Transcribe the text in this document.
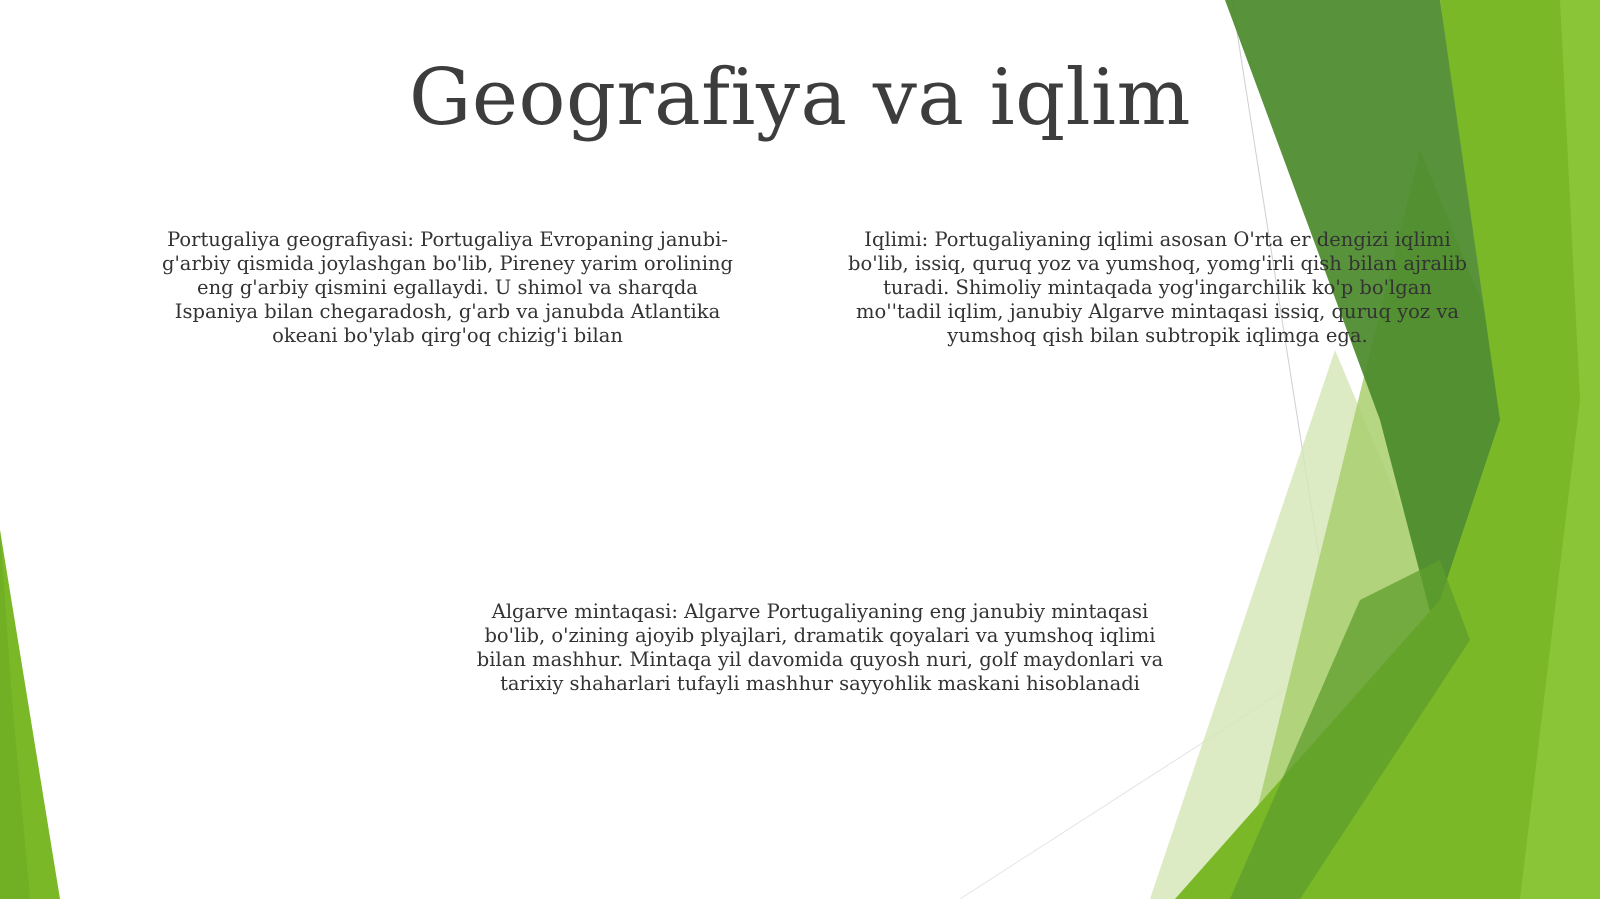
Geografiya va iqlim
Portugaliya geografiyasi: Portugaliya Evropaning janubi-g'arbiy qismida joylashgan bo'lib, Pireney yarim orolining eng g'arbiy qismini egallaydi. U shimol va sharqda Ispaniya bilan chegaradosh, g'arb va janubda Atlantika okeani bo'ylab qirg'oq chizig'i bilan
Iqlimi: Portugaliyaning iqlimi asosan O'rta er dengizi iqlimi bo'lib, issiq, quruq yoz va yumshoq, yomg'irli qish bilan ajralib turadi. Shimoliy mintaqada yog'ingarchilik ko'p bo'lgan mo''tadil iqlim, janubiy Algarve mintaqasi issiq, quruq yoz va yumshoq qish bilan subtropik iqlimga ega.
Algarve mintaqasi: Algarve Portugaliyaning eng janubiy mintaqasi bo'lib, o'zining ajoyib plyajlari, dramatik qoyalari va yumshoq iqlimi bilan mashhur. Mintaqa yil davomida quyosh nuri, golf maydonlari va tarixiy shaharlari tufayli mashhur sayyohlik maskani hisoblanadi
